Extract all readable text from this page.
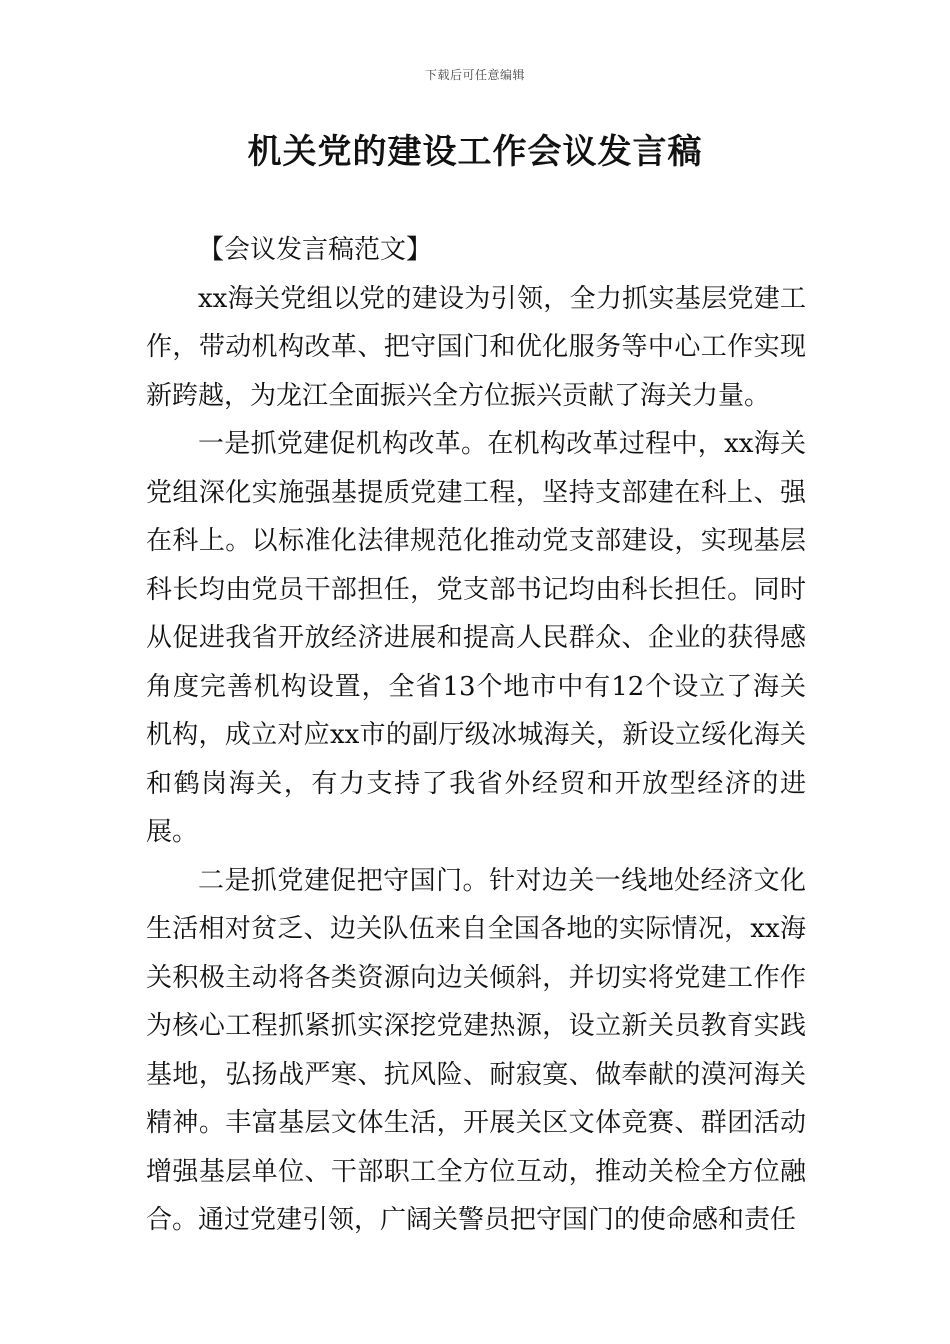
下载后可任意编辑
机关党的建设工作会议发言稿

【会议发言稿范文】

xx海关党组以党的建设为引领，全力抓实基层党建工作，带动机构改革、把守国门和优化服务等中心工作实现新跨越，为龙江全面振兴全方位振兴贡献了海关力量。

一是抓党建促机构改革。在机构改革过程中，xx海关党组深化实施强基提质党建工程，坚持支部建在科上、强在科上。以标准化法律规范化推动党支部建设，实现基层科长均由党员干部担任，党支部书记均由科长担任。同时从促进我省开放经济进展和提高人民群众、企业的获得感角度完善机构设置，全省13个地市中有12个设立了海关机构，成立对应xx市的副厅级冰城海关，新设立绥化海关和鹤岗海关，有力支持了我省外经贸和开放型经济的进展。

二是抓党建促把守国门。针对边关一线地处经济文化生活相对贫乏、边关队伍来自全国各地的实际情况，xx海关积极主动将各类资源向边关倾斜，并切实将党建工作作为核心工程抓紧抓实深挖党建热源，设立新关员教育实践基地，弘扬战严寒、抗风险、耐寂寞、做奉献的漠河海关精神。丰富基层文体生活，开展关区文体竞赛、群团活动增强基层单位、干部职工全方位互动，推动关检全方位融合。通过党建引领，广阔关警员把守国门的使命感和责任
